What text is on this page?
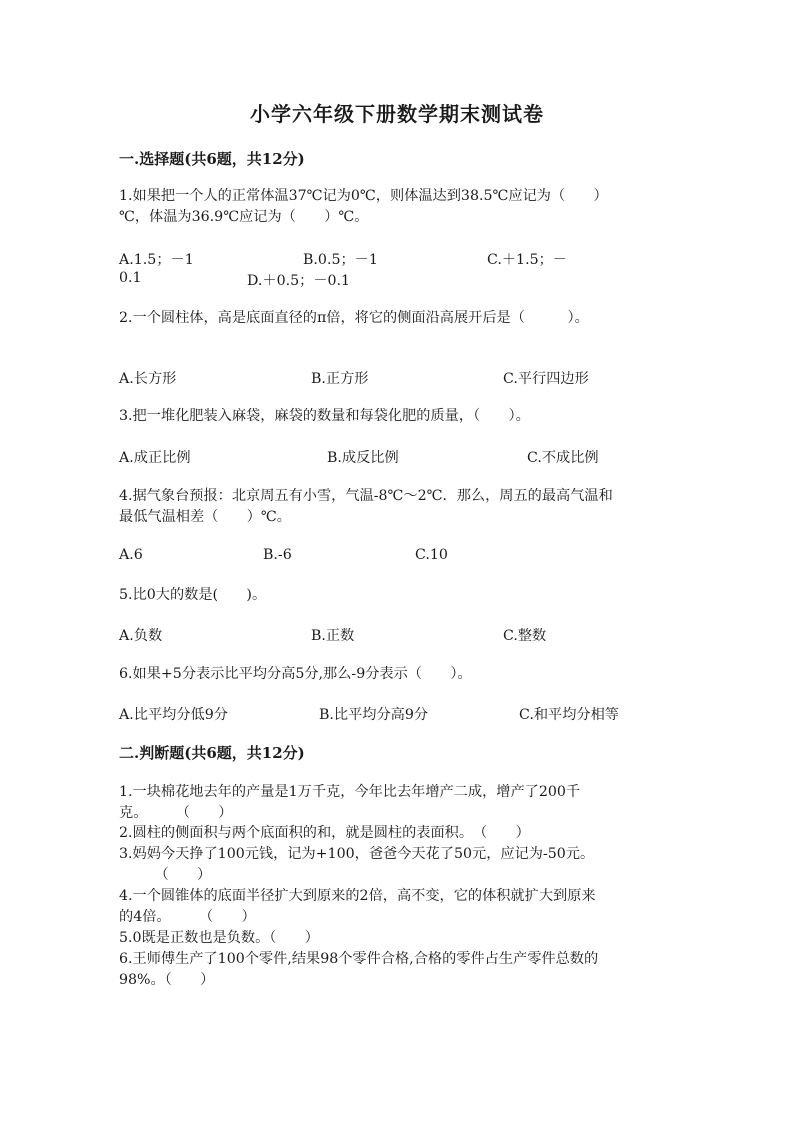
小学六年级下册数学期末测试卷
一.选择题(共6题，共12分)
1.如果把一个人的正常体温37℃记为0℃，则体温达到38.5℃应记为（　　）
℃，体温为36.9℃应记为（　　）℃。
A.1.5；－1	B.0.5；－1	C.＋1.5；－
0.1	D.＋0.5；－0.1
2.一个圆柱体，高是底面直径的π倍，将它的侧面沿高展开后是（　　　）。
A.长方形	B.正方形	C.平行四边形
3.把一堆化肥装入麻袋，麻袋的数量和每袋化肥的质量，（　　）。
A.成正比例	B.成反比例	C.不成比例
4.据气象台预报：北京周五有小雪，气温-8℃～2℃．那么，周五的最高气温和
最低气温相差（　　）℃。
A.6	B.-6	C.10
5.比0大的数是(　　)。
A.负数	B.正数	C.整数
6.如果+5分表示比平均分高5分,那么-9分表示（　　）。
A.比平均分低9分	B.比平均分高9分	C.和平均分相等
二.判断题(共6题，共12分)
1.一块棉花地去年的产量是1万千克，今年比去年增产二成，增产了200千
克。　　　（　　）
2.圆柱的侧面积与两个底面积的和，就是圆柱的表面积。　（　　）
3.妈妈今天挣了100元钱，记为+100，爸爸今天花了50元，应记为-50元。
　　　（　　）
4.一个圆锥体的底面半径扩大到原来的2倍，高不变，它的体积就扩大到原来
的4倍。　　　（　　）
5.0既是正数也是负数。（　　）
6.王师傅生产了100个零件,结果98个零件合格,合格的零件占生产零件总数的
98%。（　　）
